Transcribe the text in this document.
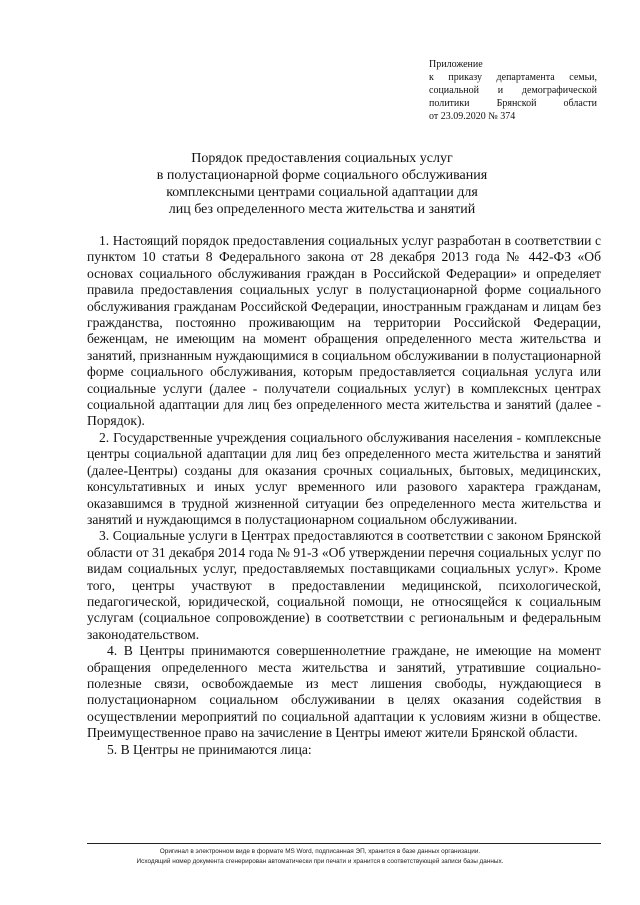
Приложение
к приказу департамента семьи,
социальной и демографической
политики Брянской области
от 23.09.2020 № 374
Порядок предоставления социальных услуг
в полустационарной форме социального обслуживания
комплексными центрами социальной адаптации для
лиц без определенного места жительства и занятий

1. Настоящий порядок предоставления социальных услуг разработан в соответствии с пунктом 10 статьи 8 Федерального закона от 28 декабря 2013 года № 442-ФЗ «Об основах социального обслуживания граждан в Российской Федерации» и определяет правила предоставления социальных услуг в полустационарной форме социального обслуживания гражданам Российской Федерации, иностранным гражданам и лицам без гражданства, постоянно проживающим на территории Российской Федерации, беженцам, не имеющим на момент обращения определенного места жительства и занятий, признанным нуждающимися в социальном обслуживании в полустационарной форме социального обслуживания, которым предоставляется социальная услуга или социальные услуги (далее - получатели социальных услуг) в комплексных центрах социальной адаптации для лиц без определенного места жительства и занятий (далее - Порядок).

2. Государственные учреждения социального обслуживания населения - комплексные центры социальной адаптации для лиц без определенного места жительства и занятий (далее-Центры) созданы для оказания срочных социальных, бытовых, медицинских, консультативных и иных услуг временного или разового характера гражданам, оказавшимся в трудной жизненной ситуации без определенного места жительства и занятий и нуждающимся в полустационарном социальном обслуживании.

3. Социальные услуги в Центрах предоставляются в соответствии с законом Брянской области от 31 декабря 2014 года № 91-З «Об утверждении перечня социальных услуг по видам социальных услуг, предоставляемых поставщиками социальных услуг». Кроме того, центры участвуют в предоставлении медицинской, психологической, педагогической, юридической, социальной помощи, не относящейся к социальным услугам (социальное сопровождение) в соответствии с региональным и федеральным законодательством.

4. В Центры принимаются совершеннолетние граждане, не имеющие на момент обращения определенного места жительства и занятий, утратившие социально-полезные связи, освобождаемые из мест лишения свободы, нуждающиеся в полустационарном социальном обслуживании в целях оказания содействия в осуществлении мероприятий по социальной адаптации к условиям жизни в обществе. Преимущественное право на зачисление в Центры имеют жители Брянской области.

5. В Центры не принимаются лица:

Оригинал в электронном виде в формате MS Word, подписанная ЭП, хранится в базе данных организации.
Исходящий номер документа сгенерирован автоматически при печати и хранится в соответствующей записи базы данных.
